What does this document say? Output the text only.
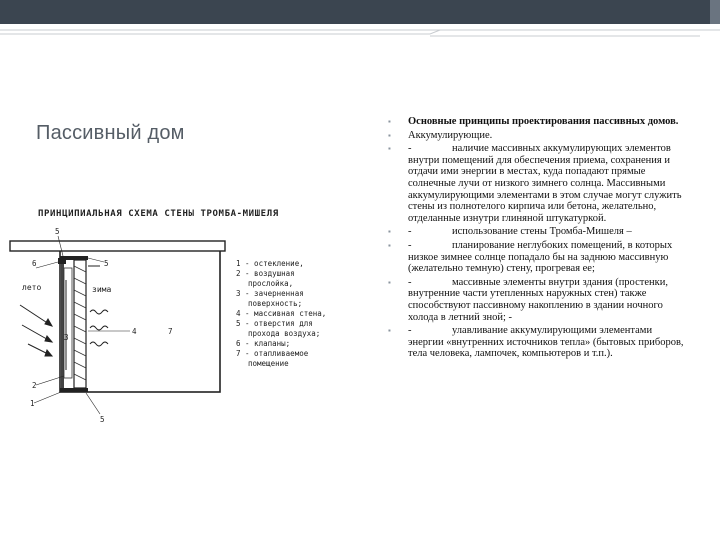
Пассивный дом
ПРИНЦИПИАЛЬНАЯ СХЕМА СТЕНЫ ТРОМБА-МИШЕЛЯ
лето	зима
5
6	5
3
4	7
2
1
5
1 - остекление,
2 - воздушная
прослойка,
3 - зачерненная
поверхность;
4 - массивная стена,
5 - отверстия для
прохода воздуха;
6 - клапаны;
7 - отапливаемое
помещение
▪ Основные принципы проектирования пассивных домов.
▪ Аккумулирующие.
▪ -	наличие массивных аккумулирующих элементов внутри помещений для обеспечения приема, сохранения и отдачи ими энергии в местах, куда попадают прямые солнечные лучи от низкого зимнего солнца. Массивными аккумулирующими элементами в этом случае могут служить стены из полнотелого кирпича или бетона, желательно, отделанные изнутри глиняной штукатуркой.
▪ -	использование стены Тромба-Мишеля –
▪ -	планирование неглубоких помещений, в которых низкое зимнее солнце попадало бы на заднюю массивную (желательно темную) стену, прогревая ее;
▪ -	массивные элементы внутри здания (простенки, внутренние части утепленных наружных стен) также способствуют пассивному накоплению в здании ночного холода в летний зной; -
▪ -	улавливание аккумулирующими элементами энергии «внутренних источников тепла» (бытовых приборов, тела человека, лампочек, компьютеров и т.п.).
